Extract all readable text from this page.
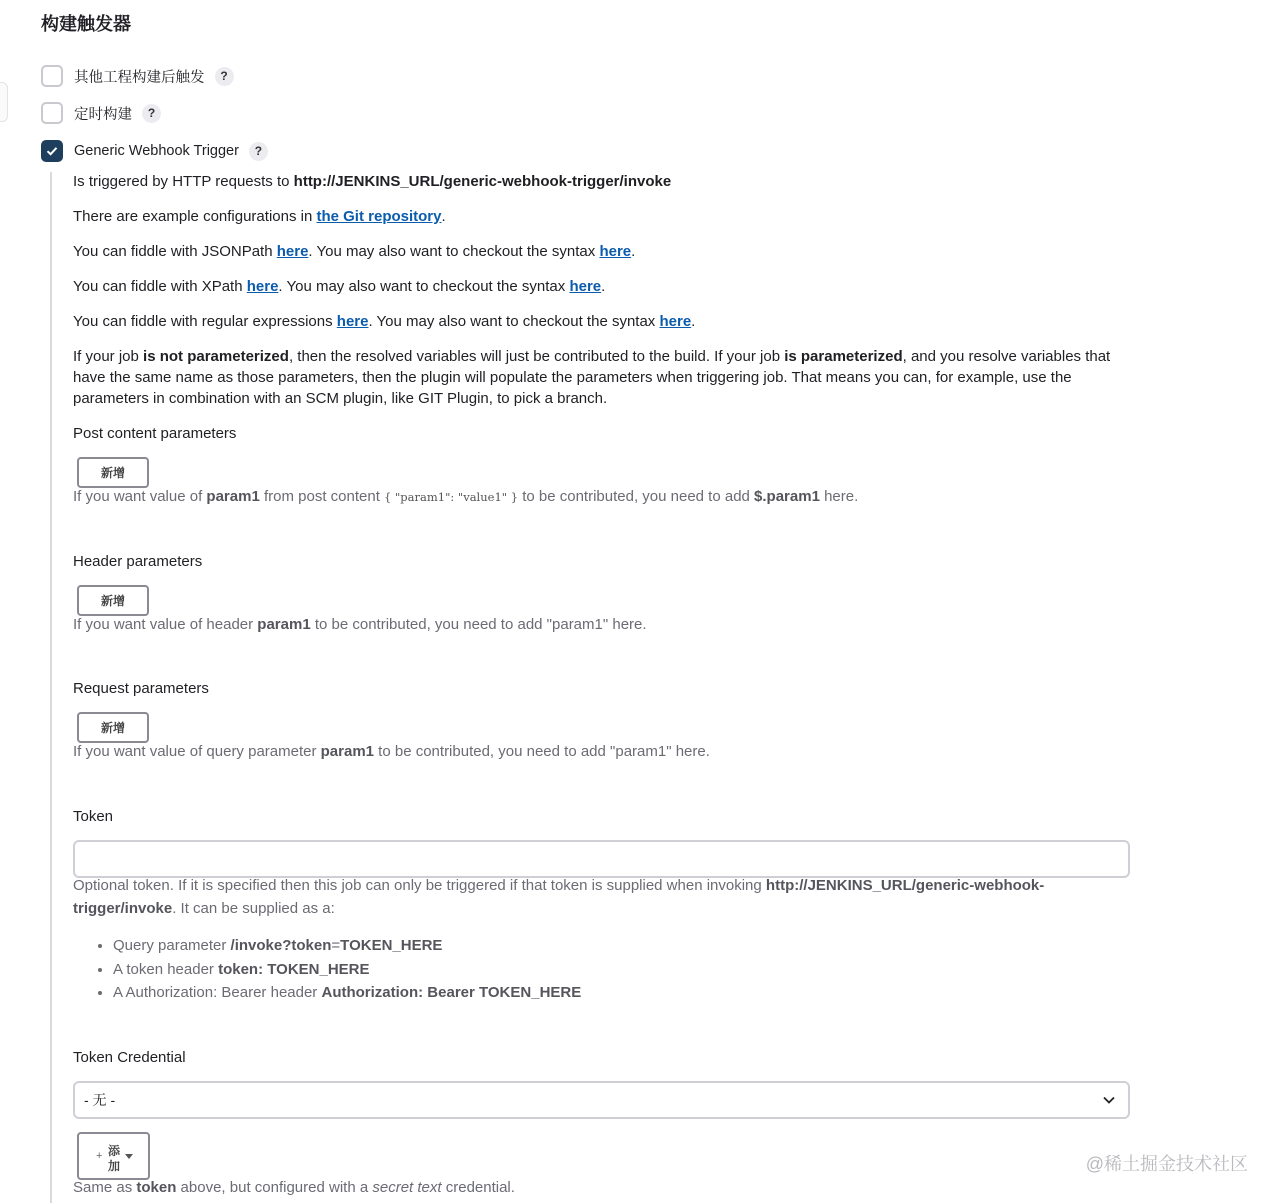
构建触发器
其他工程构建后触发	?
定时构建	?
Generic Webhook Trigger	?

Is triggered by HTTP requests to http://JENKINS_URL/generic-webhook-trigger/invoke

There are example configurations in the Git repository.

You can fiddle with JSONPath here. You may also want to checkout the syntax here.

You can fiddle with XPath here. You may also want to checkout the syntax here.

You can fiddle with regular expressions here. You may also want to checkout the syntax here.

If your job is not parameterized, then the resolved variables will just be contributed to the build. If your job is parameterized, and you resolve variables that have the same name as those parameters, then the plugin will populate the parameters when triggering job. That means you can, for example, use the parameters in combination with an SCM plugin, like GIT Plugin, to pick a branch.

Post content parameters
新增
If you want value of param1 from post content { "param1": "value1" } to be contributed, you need to add $.param1 here.
Header parameters
新增
If you want value of header param1 to be contributed, you need to add "param1" here.
Request parameters
新增
If you want value of query parameter param1 to be contributed, you need to add "param1" here.
Token
Optional token. If it is specified then this job can only be triggered if that token is supplied when invoking http://JENKINS_URL/generic-webhook-trigger/invoke. It can be supplied as a:
• Query parameter /invoke?token=TOKEN_HERE
• A token header token: TOKEN_HERE
• A Authorization: Bearer header Authorization: Bearer TOKEN_HERE
Token Credential
- 无 -
+ 添
加
Same as token above, but configured with a secret text credential.
@稀土掘金技术社区
